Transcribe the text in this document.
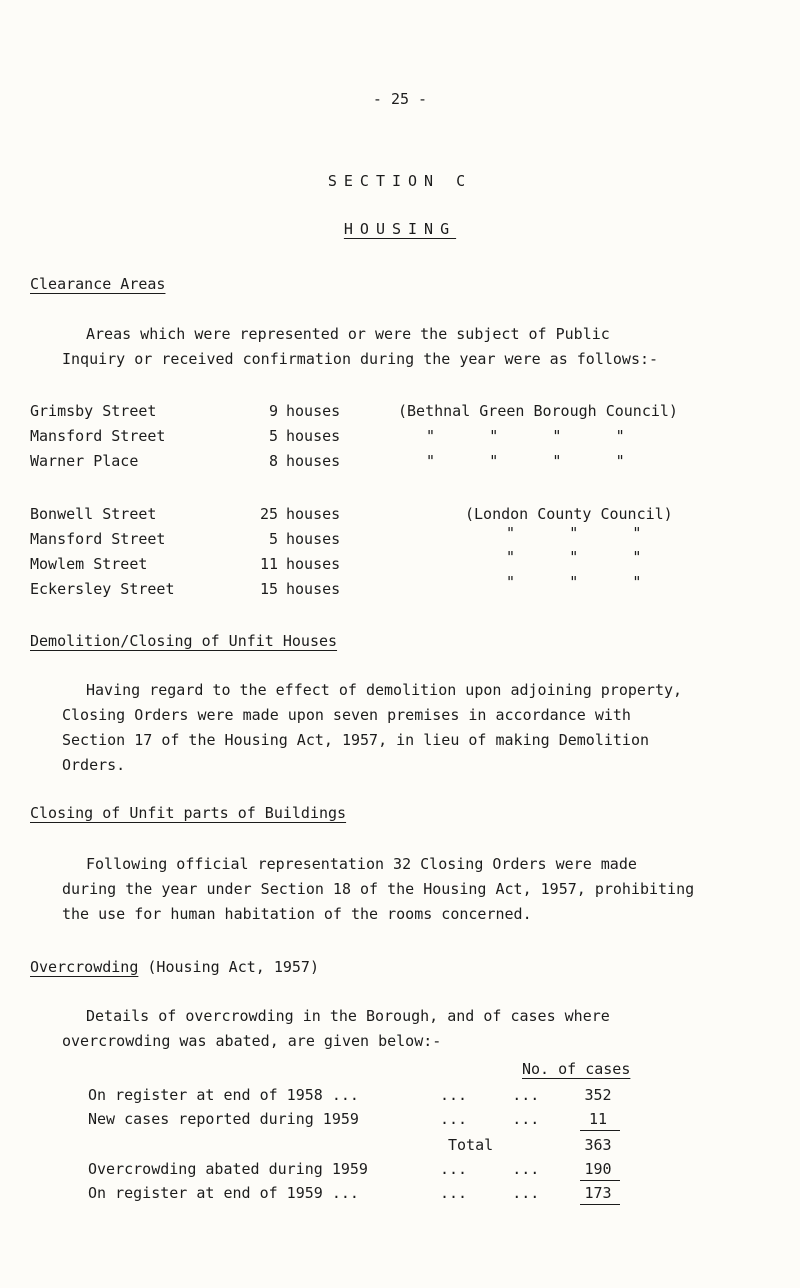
- 25 -
SECTION C
HOUSING
Clearance Areas
Areas which were represented or were the subject of Public
Inquiry or received confirmation during the year were as follows:-
Grimsby Street	9 houses	(Bethnal Green Borough Council)
Mansford Street	5 houses	"      "      "      "
Warner Place	8 houses	"      "      "      "
Bonwell Street	25 houses	(London County Council)
Mansford Street	5 houses	"      "      "
Mowlem Street	11 houses	"      "      "
Eckersley Street	15 houses	"      "      "
Demolition/Closing of Unfit Houses
Having regard to the effect of demolition upon adjoining property,
Closing Orders were made upon seven premises in accordance with
Section 17 of the Housing Act, 1957, in lieu of making Demolition
Orders.
Closing of Unfit parts of Buildings
Following official representation 32 Closing Orders were made
during the year under Section 18 of the Housing Act, 1957, prohibiting
the use for human habitation of the rooms concerned.
Overcrowding (Housing Act, 1957)
Details of overcrowding in the Borough, and of cases where
overcrowding was abated, are given below:-
No. of cases
On register at end of 1958 ...	...     ...	352
New cases reported during 1959	...     ...	11
Total	363
Overcrowding abated during 1959	...     ...	190
On register at end of 1959 ...	...     ...	173
